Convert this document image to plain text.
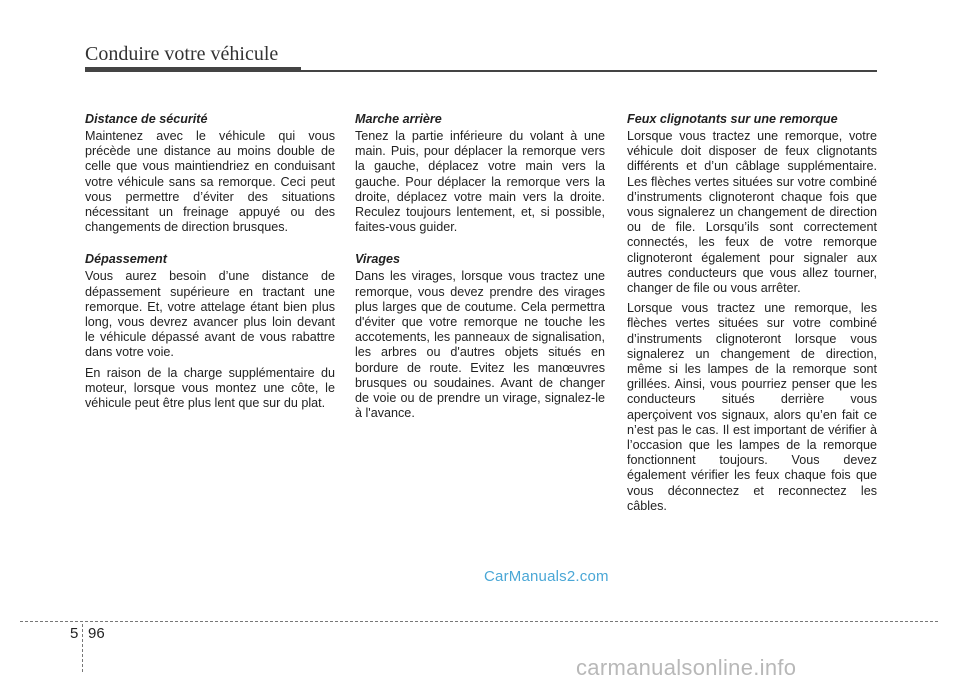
Conduire votre véhicule

Distance de sécurité

Maintenez avec le véhicule qui vous précède une distance au moins double de celle que vous maintiendriez en conduisant votre véhicule sans sa remorque. Ceci peut vous permettre d’éviter des situations nécessitant un freinage appuyé ou des changements de direction brusques.

Dépassement

Vous aurez besoin d’une distance de dépassement supérieure en tractant une remorque. Et, votre attelage étant bien plus long, vous devrez avancer plus loin devant le véhicule dépassé avant de vous rabattre dans votre voie.

En raison de la charge supplémentaire du moteur, lorsque vous montez une côte, le véhicule peut être plus lent que sur du plat.

Marche arrière

Tenez la partie inférieure du volant à une main. Puis, pour déplacer la remorque vers la gauche, déplacez votre main vers la gauche. Pour déplacer la remorque vers la droite, déplacez votre main vers la droite. Reculez toujours lentement, et, si possible, faites-vous guider.

Virages

Dans les virages, lorsque vous tractez une remorque, vous devez prendre des virages plus larges que de coutume. Cela permettra d'éviter que votre remorque ne touche les accotements, les panneaux de signalisation, les arbres ou d'autres objets situés en bordure de route. Evitez les manœuvres brusques ou soudaines. Avant de changer de voie ou de prendre un virage, signalez-le à l'avance.

Feux clignotants sur une remorque

Lorsque vous tractez une remorque, votre véhicule doit disposer de feux clignotants différents et d’un câblage supplémentaire. Les flèches vertes situées sur votre combiné d’instruments clignoteront chaque fois que vous signalerez un changement de direction ou de file. Lorsqu’ils sont correctement connectés, les feux de votre remorque clignoteront également pour signaler aux autres conducteurs que vous allez tourner, changer de file ou vous arrêter.

Lorsque vous tractez une remorque, les flèches vertes situées sur votre combiné d’instruments clignoteront lorsque vous signalerez un changement de direction, même si les lampes de la remorque sont grillées. Ainsi, vous pourriez penser que les conducteurs situés derrière vous aperçoivent vos signaux, alors qu’en fait ce n’est pas le cas. Il est important de vérifier à l’occasion que les lampes de la remorque fonctionnent toujours. Vous devez également vérifier les feux chaque fois que vous déconnectez et reconnectez les câbles.

CarManuals2.com
5 96
carmanualsonline.info
